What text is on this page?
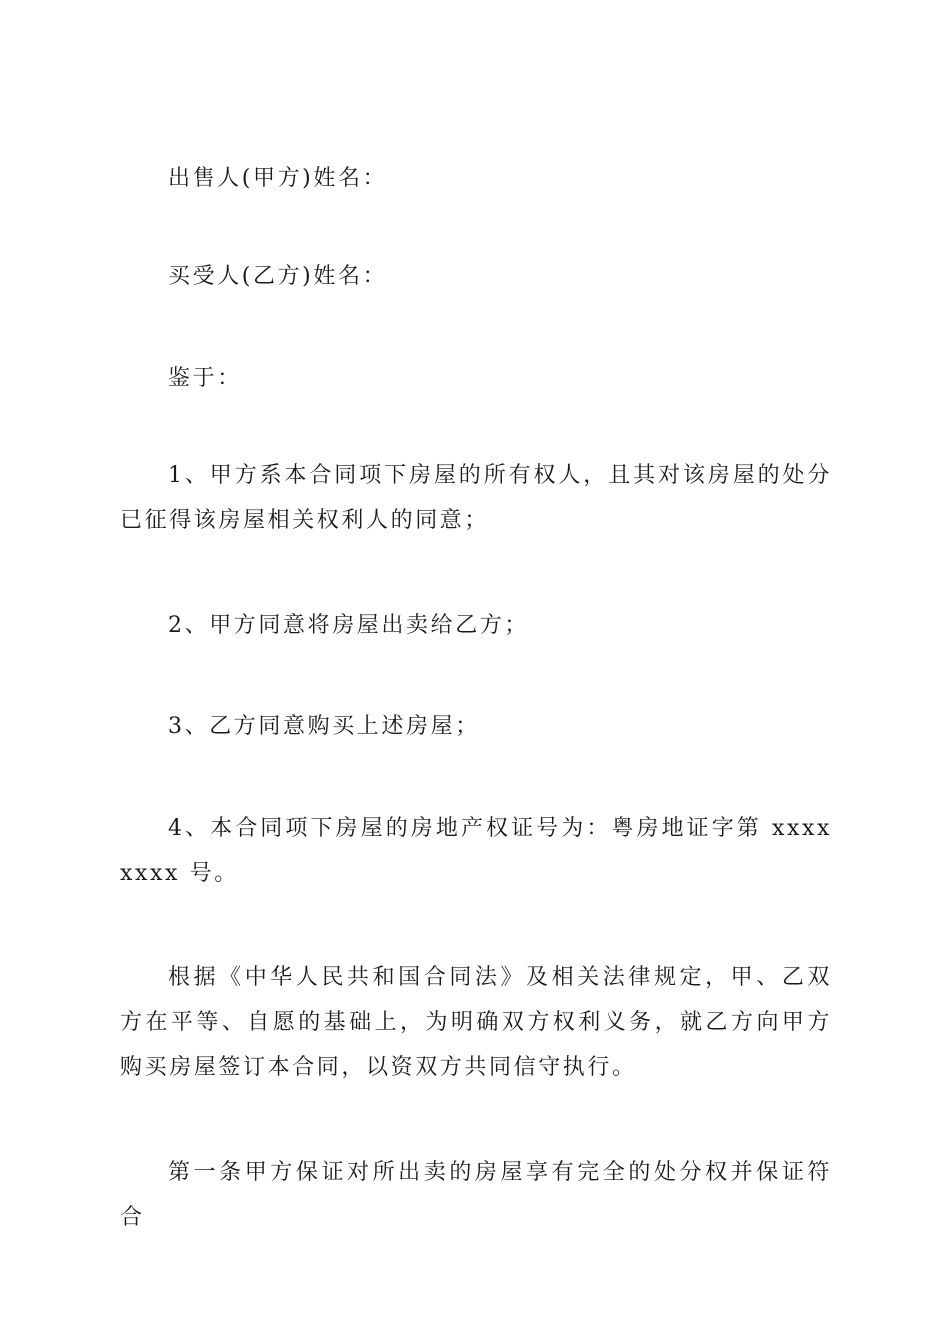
出售人(甲方)姓名：

买受人(乙方)姓名：

鉴于：

1、甲方系本合同项下房屋的所有权人，且其对该房屋的处分已征得该房屋相关权利人的同意；

2、甲方同意将房屋出卖给乙方；

3、乙方同意购买上述房屋；

4、本合同项下房屋的房地产权证号为：粤房地证字第 xxxxxxxx 号。

根据《中华人民共和国合同法》及相关法律规定，甲、乙双方在平等、自愿的基础上，为明确双方权利义务，就乙方向甲方购买房屋签订本合同，以资双方共同信守执行。

第一条甲方保证对所出卖的房屋享有完全的处分权并保证符合
